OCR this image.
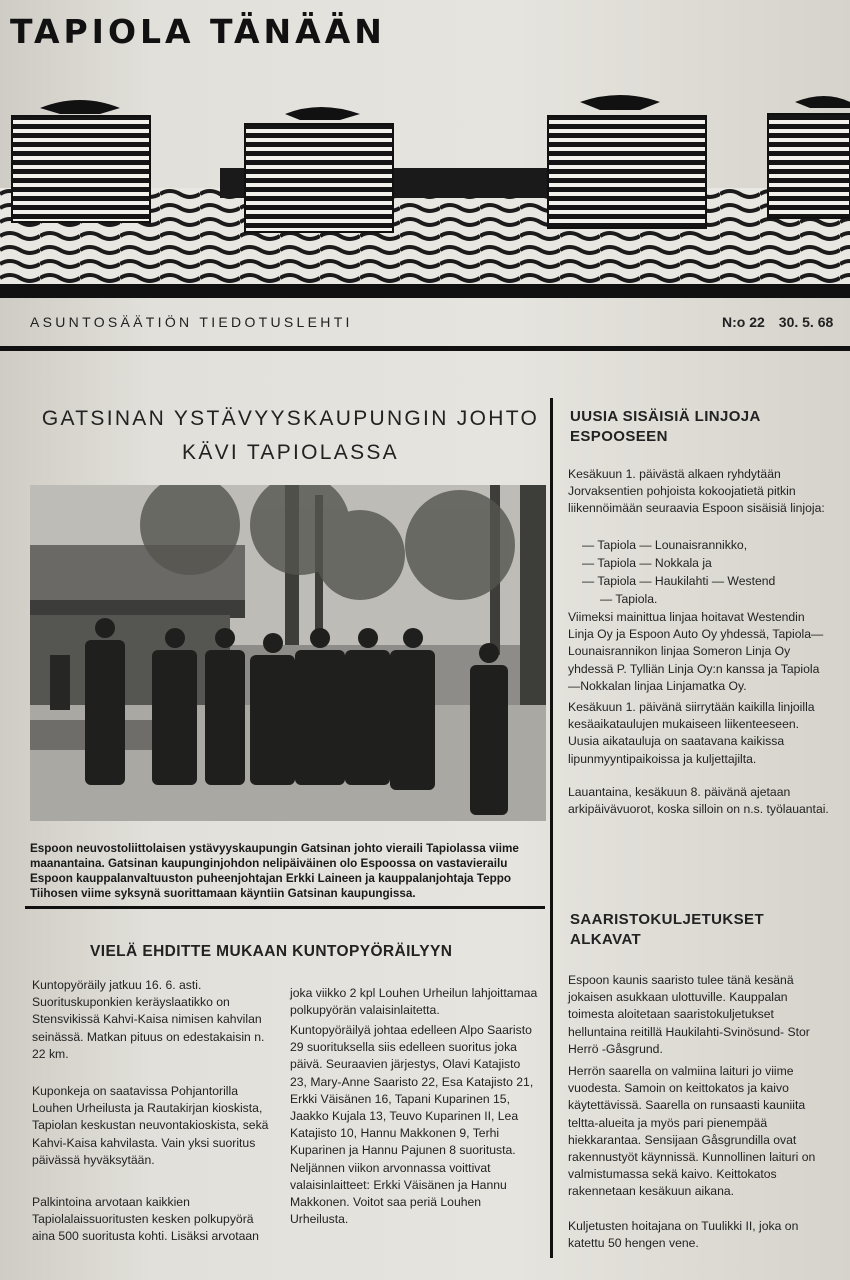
TAPIOLA TÄNÄÄN
ASUNTOSÄÄTIÖN TIEDOTUSLEHTI	N:o 22 30. 5. 68
GATSINAN YSTÄVYYSKAUPUNGIN JOHTO
KÄVI TAPIOLASSA

Espoon neuvostoliittolaisen ystävyyskaupungin Gatsinan johto vieraili Tapiolassa viime maanantaina. Gatsinan kaupunginjohdon nelipäiväinen olo Espoossa on vastavierailu Espoon kauppalanvaltuuston puheenjohtajan Erkki Laineen ja kauppalanjohtaja Teppo Tiihosen viime syksynä suorittamaan käyntiin Gatsinan kaupungissa.

VIELÄ EHDITTE MUKAAN KUNTOPYÖRÄILYYN

Kuntopyöräily jatkuu 16. 6. asti. Suorituskuponkien keräyslaatikko on Stensvikissä Kahvi-Kaisa nimisen kahvilan seinässä. Matkan pituus on edestakaisin n. 22 km.

Kuponkeja on saatavissa Pohjantorilla Louhen Urheilusta ja Rautakirjan kioskista, Tapiolan keskustan neuvontakioskista, sekä Kahvi-Kaisa kahvilasta. Vain yksi suoritus päivässä hyväksytään.

Palkintoina arvotaan kaikkien Tapiolalaissuoritusten kesken polkupyörä aina 500 suoritusta kohti. Lisäksi arvotaan

joka viikko 2 kpl Louhen Urheilun lahjoittamaa polkupyörän valaisinlaitetta.

Kuntopyöräilyä johtaa edelleen Alpo Saaristo 29 suorituksella siis edelleen suoritus joka päivä. Seuraavien järjestys, Olavi Katajisto 23, Mary-Anne Saaristo 22, Esa Katajisto 21, Erkki Väisänen 16, Tapani Kuparinen 15, Jaakko Kujala 13, Teuvo Kuparinen II, Lea Katajisto 10, Hannu Makkonen 9, Terhi Kuparinen ja Hannu Pajunen 8 suoritusta. Neljännen viikon arvonnassa voittivat valaisinlaitteet: Erkki Väisänen ja Hannu Makkonen. Voitot saa periä Louhen Urheilusta.

UUSIA SISÄISIÄ LINJOJA ESPOOSEEN

Kesäkuun 1. päivästä alkaen ryhdytään Jorvaksentien pohjoista kokoojatietä pitkin liikennöimään seuraavia Espoon sisäisiä linjoja:

— Tapiola — Lounaisrannikko,
— Tapiola — Nokkala ja
— Tapiola — Haukilahti — Westend
— Tapiola.

Viimeksi mainittua linjaa hoitavat Westendin Linja Oy ja Espoon Auto Oy yhdessä, Tapiola—Lounaisrannikon linjaa Someron Linja Oy yhdessä P. Tylliän Linja Oy:n kanssa ja Tapiola—Nokkalan linjaa Linjamatka Oy.

Kesäkuun 1. päivänä siirrytään kaikilla linjoilla kesäaikataulujen mukaiseen liikenteeseen. Uusia aikatauluja on saatavana kaikissa lipunmyyntipaikoissa ja kuljettajilta.

Lauantaina, kesäkuun 8. päivänä ajetaan arkipäivävuorot, koska silloin on n.s. työlauantai.

SAARISTOKULJETUKSET ALKAVAT

Espoon kaunis saaristo tulee tänä kesänä jokaisen asukkaan ulottuville. Kauppalan toimesta aloitetaan saaristokuljetukset helluntaina reitillä Haukilahti-Svinösund- Stor Herrö -Gåsgrund.

Herrön saarella on valmiina laituri jo viime vuodesta. Samoin on keittokatos ja kaivo käytettävissä. Saarella on runsaasti kauniita teltta-alueita ja myös pari pienempää hiekkarantaa. Sensijaan Gåsgrundilla ovat rakennustyöt käynnissä. Kunnollinen laituri on valmistumassa sekä kaivo. Keittokatos rakennetaan kesäkuun aikana.

Kuljetusten hoitajana on Tuulikki II, joka on katettu 50 hengen vene.
